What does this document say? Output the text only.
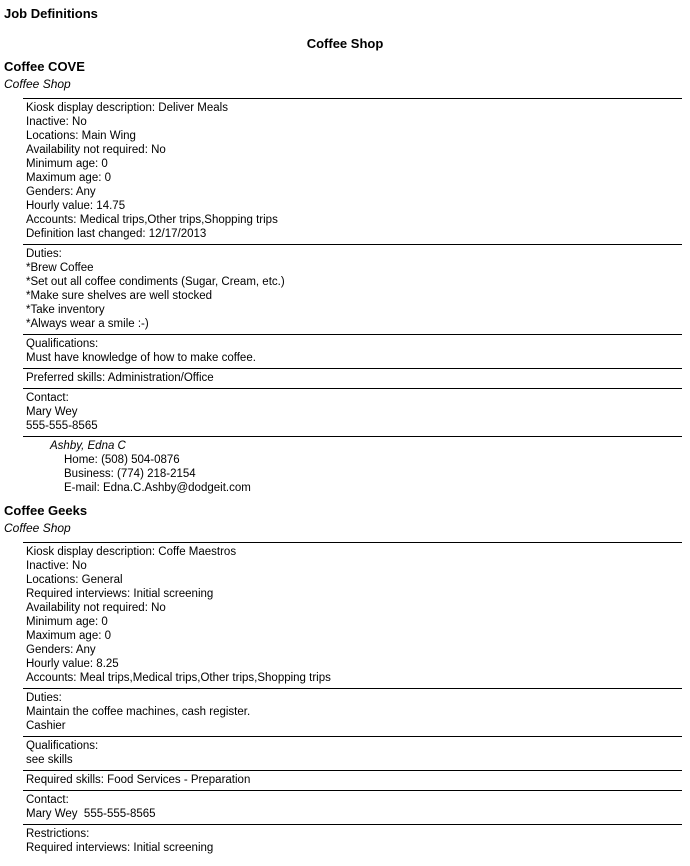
Job Definitions
Coffee Shop
Coffee COVE
Coffee Shop

Kiosk display description: Deliver Meals

Inactive: No

Locations: Main Wing

Availability not required: No

Minimum age: 0

Maximum age: 0

Genders: Any

Hourly value: 14.75

Accounts: Medical trips,Other trips,Shopping trips

Definition last changed: 12/17/2013

Duties:

*Brew Coffee

*Set out all coffee condiments (Sugar, Cream, etc.)

*Make sure shelves are well stocked

*Take inventory

*Always wear a smile :-)

Qualifications:

Must have knowledge of how to make coffee.

Preferred skills: Administration/Office

Contact:

Mary Wey

555-555-8565

Ashby, Edna C

Home: (508) 504-0876

Business: (774) 218-2154

E-mail: Edna.C.Ashby@dodgeit.com

Coffee Geeks
Coffee Shop

Kiosk display description: Coffe Maestros

Inactive: No

Locations: General

Required interviews: Initial screening

Availability not required: No

Minimum age: 0

Maximum age: 0

Genders: Any

Hourly value: 8.25

Accounts: Meal trips,Medical trips,Other trips,Shopping trips

Duties:

Maintain the coffee machines, cash register.

Cashier

Qualifications:

see skills

Required skills: Food Services - Preparation

Contact:

Mary Wey  555-555-8565

Restrictions:

Required interviews: Initial screening
